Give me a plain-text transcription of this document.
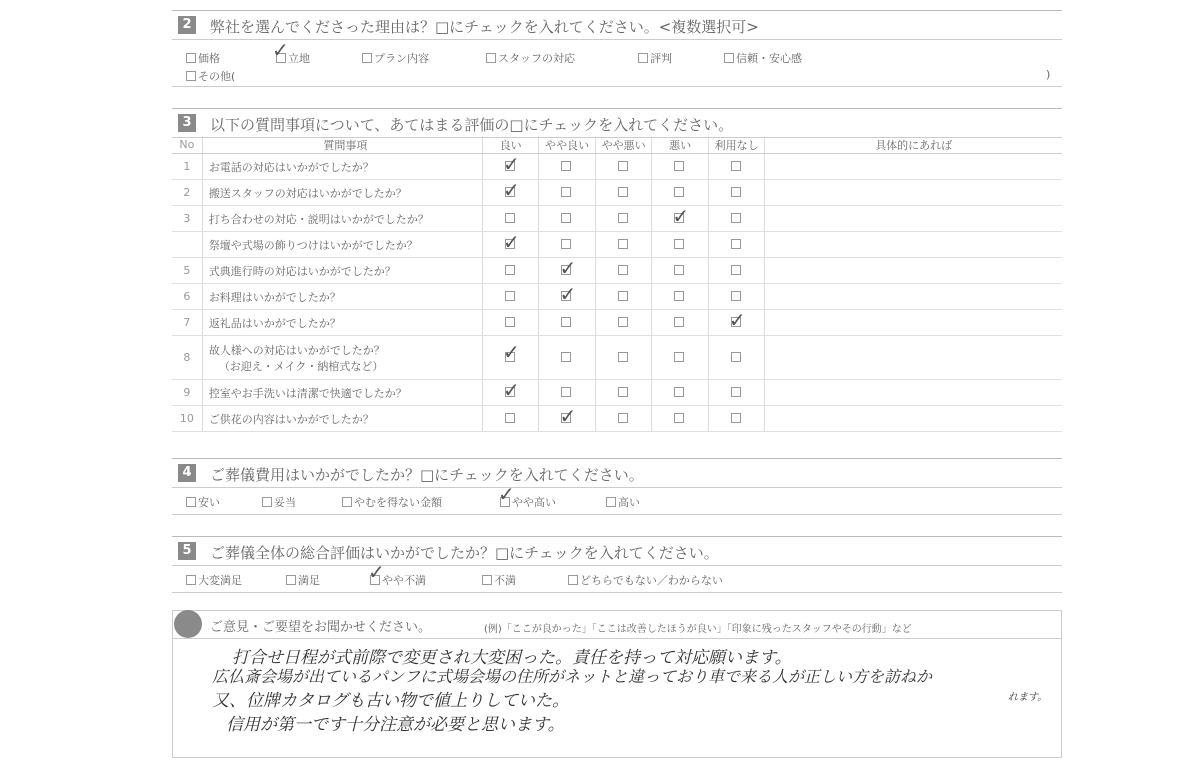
2 弊社を選んでくださった理由は？□にチェックを入れてください。<複数選択可>
価格	立地	プラン内容	スタッフの対応	評判	信頼・安心感
その他(	)
✓
3 以下の質問事項について、あてはまる評価の□にチェックを入れてください。
No	質問事項	良い	やや良い	やや悪い	悪い	利用なし	具体的にあれば
1	お電話の対応はいかがでしたか？	✓					

2	搬送スタッフの対応はいかがでしたか？	✓					

3	打ち合わせの対応・説明はいかがでしたか？				✓		

	祭壇や式場の飾りつけはいかがでしたか？	✓					

5	式典進行時の対応はいかがでしたか？		✓				

6	お料理はいかがでしたか？		✓				

7	返礼品はいかがでしたか？					✓	

8	故人様への対応はいかがでしたか？
（お迎え・メイク・納棺式など）	✓					

9	控室やお手洗いは清潔で快適でしたか？	✓					

10	ご供花の内容はいかがでしたか？		✓				

4 ご葬儀費用はいかがでしたか？□にチェックを入れてください。
安い	妥当	やむを得ない金額	やや高い	高い
✓
5 ご葬儀全体の総合評価はいかがでしたか？□にチェックを入れてください。
大変満足	満足	やや不満	不満	どちらでもない／わからない
✓
ご意見・ご要望をお聞かせください。	(例)「ここが良かった」「ここは改善したほうが良い」「印象に残ったスタッフやその行動」など
打合せ日程が式前際で変更され大変困った。責任を持って対応願います。
広仏斎会場が出ているパンフに式場会場の住所がネットと違っており車で来る人が正しい方を訪ねか
れます。
又、位牌カタログも古い物で値上りしていた。
信用が第一です十分注意が必要と思います。
